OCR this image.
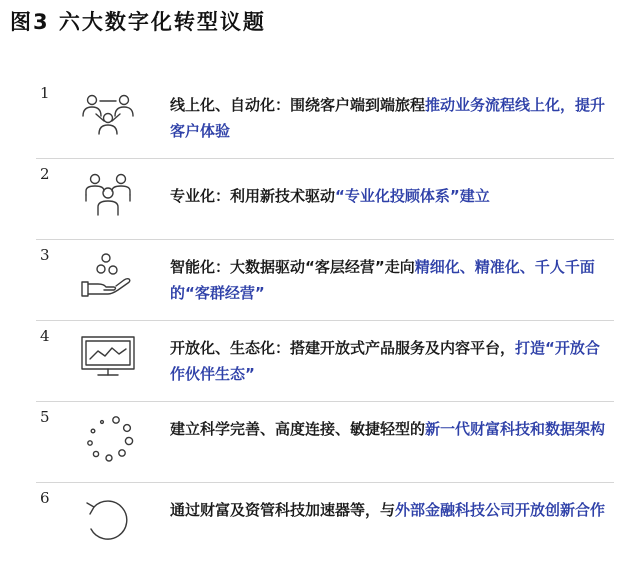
图3 六大数字化转型议题
1
线上化、自动化：围绕客户端到端旅程推动业务流程线上化，提升客户体验
2
专业化：利用新技术驱动“专业化投顾体系”建立
3
智能化：大数据驱动“客层经营”走向精细化、精准化、千人千面的“客群经营”
4
开放化、生态化：搭建开放式产品服务及内容平台，打造“开放合作伙伴生态”
5
建立科学完善、高度连接、敏捷轻型的新一代财富科技和数据架构
6
通过财富及资管科技加速器等，与外部金融科技公司开放创新合作
